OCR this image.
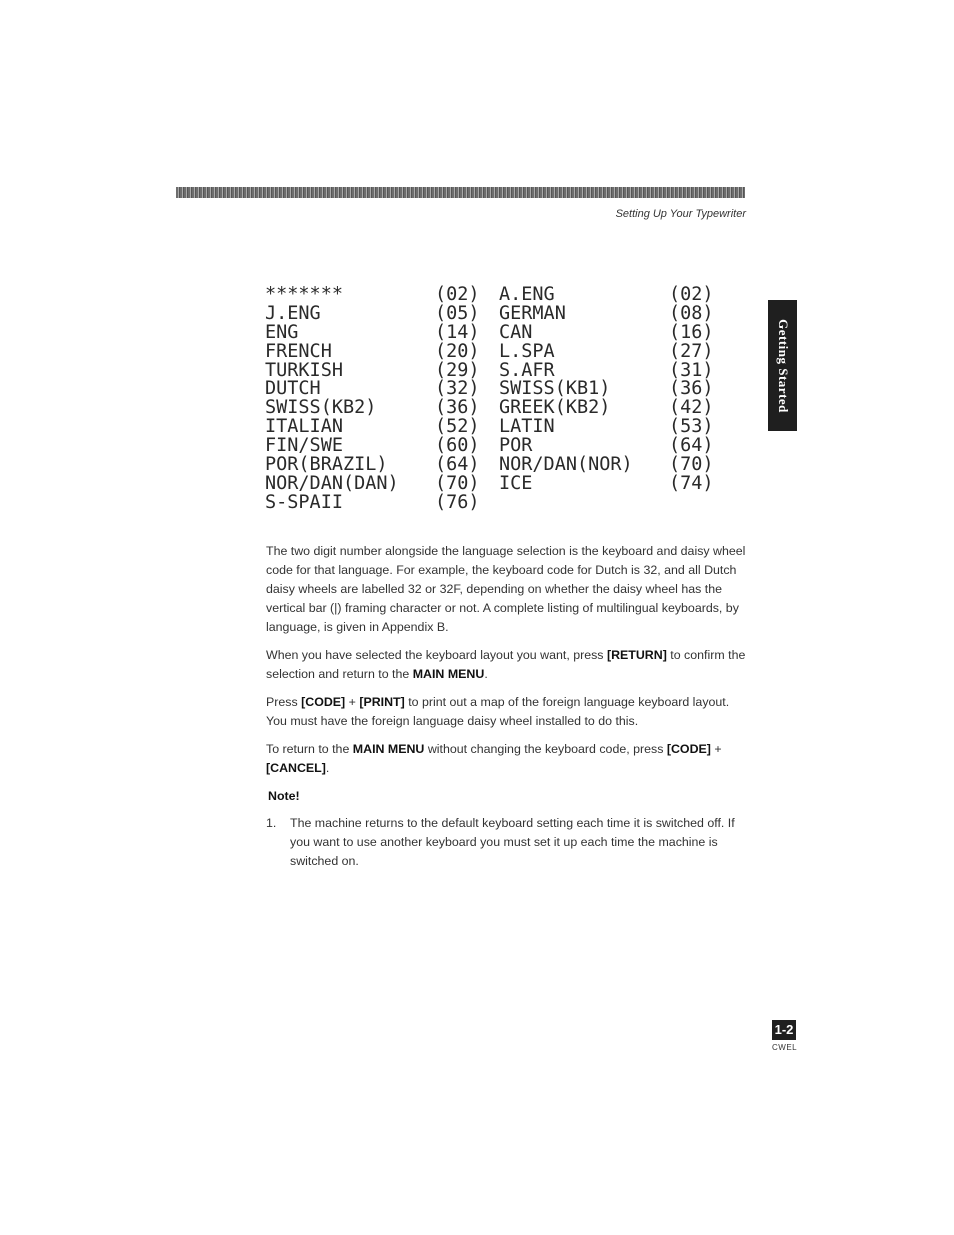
Setting Up Your Typewriter
Getting Started
*******	(02)	A.ENG	(02)
J.ENG	(05)	GERMAN	(08)
ENG	(14)	CAN	(16)
FRENCH	(20)	L.SPA	(27)
TURKISH	(29)	S.AFR	(31)
DUTCH	(32)	SWISS(KB1)	(36)
SWISS(KB2)	(36)	GREEK(KB2)	(42)
ITALIAN	(52)	LATIN	(53)
FIN/SWE	(60)	POR	(64)
POR(BRAZIL)	(64)	NOR/DAN(NOR)	(70)
NOR/DAN(DAN)	(70)	ICE	(74)
S-SPAII	(76)

The two digit number alongside the language selection is the keyboard and daisy wheel code for that language. For example, the keyboard code for Dutch is 32, and all Dutch daisy wheels are labelled 32 or 32F, depending on whether the daisy wheel has the vertical bar (|) framing character or not. A complete listing of multilingual keyboards, by language, is given in Appendix B.

When you have selected the keyboard layout you want, press [RETURN] to confirm the selection and return to the MAIN MENU.

Press [CODE] + [PRINT] to print out a map of the foreign language keyboard layout. You must have the foreign language daisy wheel installed to do this.

To return to the MAIN MENU without changing the keyboard code, press [CODE] + [CANCEL].

Note!
1.	The machine returns to the default keyboard setting each time it is switched off. If you want to use another keyboard you must set it up each time the machine is switched on.
1-2
CWEL
